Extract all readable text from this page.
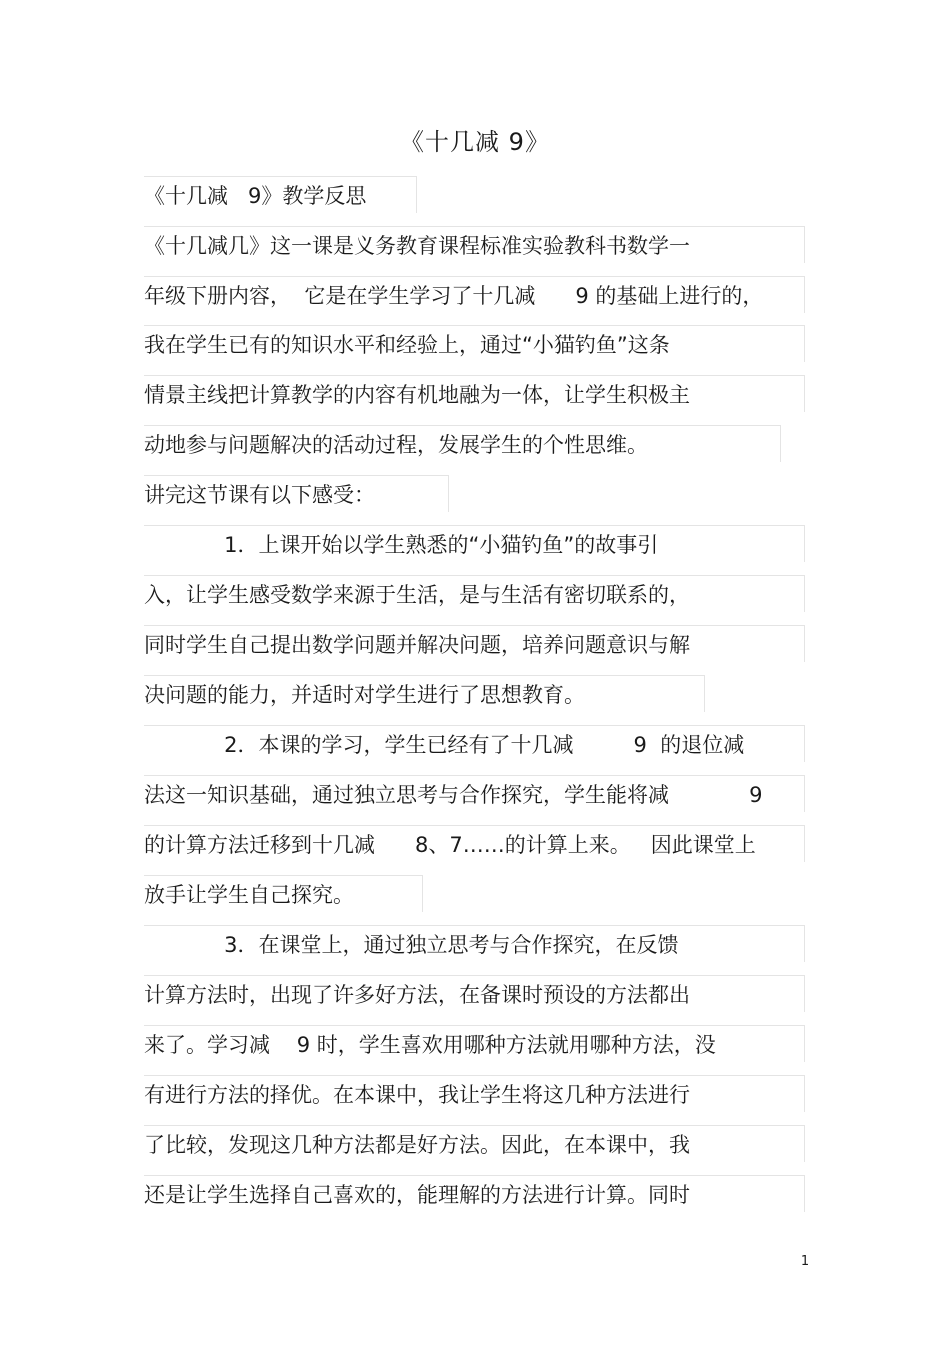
《十几减 9》
《十几减   9》教学反思
《十几减几》这一课是义务教育课程标准实验教科书数学一
年级下册内容，  它是在学生学习了十几减      9 的基础上进行的，
我在学生已有的知识水平和经验上，通过“小猫钓鱼”这条
情景主线把计算教学的内容有机地融为一体，让学生积极主
动地参与问题解决的活动过程，发展学生的个性思维。
讲完这节课有以下感受：
1．上课开始以学生熟悉的“小猫钓鱼”的故事引
入，让学生感受数学来源于生活，是与生活有密切联系的，
同时学生自己提出数学问题并解决问题，培养问题意识与解
决问题的能力，并适时对学生进行了思想教育。
2．本课的学习，学生已经有了十几减         9  的退位减
法这一知识基础，通过独立思考与合作探究，学生能将减            9
的计算方法迁移到十几减      8、7……的计算上来。   因此课堂上
放手让学生自己探究。
3．在课堂上，通过独立思考与合作探究，在反馈
计算方法时，出现了许多好方法，在备课时预设的方法都出
来了。学习减    9 时，学生喜欢用哪种方法就用哪种方法，没
有进行方法的择优。在本课中，我让学生将这几种方法进行
了比较，发现这几种方法都是好方法。因此，在本课中，我
还是让学生选择自己喜欢的，能理解的方法进行计算。同时
1
